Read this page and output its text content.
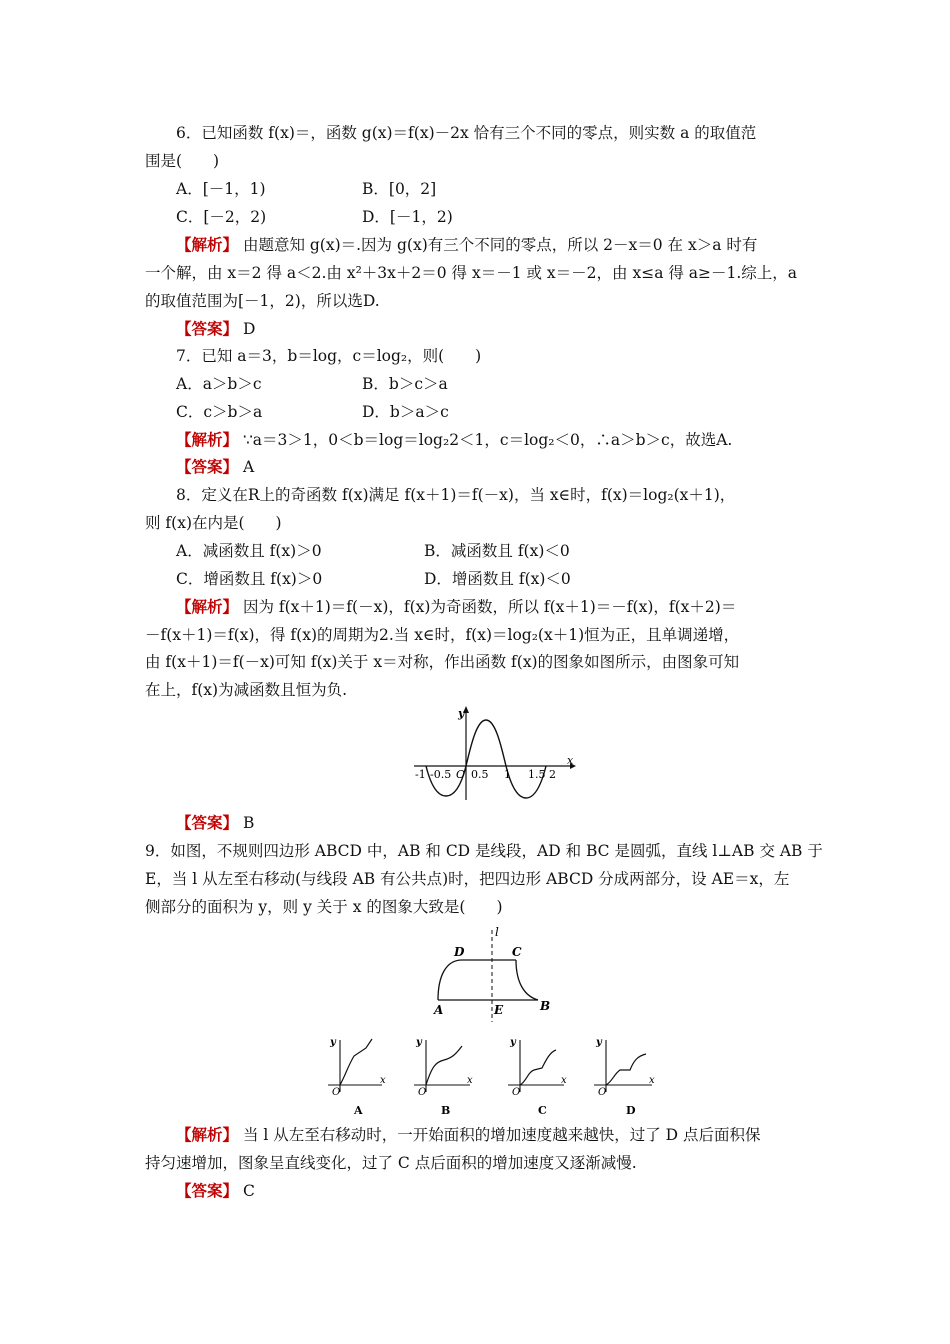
6．已知函数 f(x)＝，函数 g(x)＝f(x)－2x 恰有三个不同的零点，则实数 a 的取值范
围是(　　)
A．[－1，1)	B．[0，2]
C．[－2，2)	D．[－1，2)
【解析】 由题意知 g(x)＝.因为 g(x)有三个不同的零点，所以 2－x＝0 在 x＞a 时有
一个解，由 x＝2 得 a＜2.由 x²＋3x＋2＝0 得 x＝－1 或 x＝－2，由 x≤a 得 a≥－1.综上，a
的取值范围为[－1，2)，所以选D.
【答案】 D
7．已知 a＝3，b＝log，c＝log₂，则(　　)
A．a＞b＞c	B．b＞c＞a
C．c＞b＞a	D．b＞a＞c
【解析】 ∵a＝3＞1，0＜b＝log＝log₂2＜1，c＝log₂＜0，∴a＞b＞c，故选A.
【答案】 A
8．定义在R上的奇函数 f(x)满足 f(x＋1)＝f(－x)，当 x∈时，f(x)＝log₂(x＋1)，
则 f(x)在内是(　　)
A．减函数且 f(x)＞0	B．减函数且 f(x)＜0
C．增函数且 f(x)＞0	D．增函数且 f(x)＜0
【解析】 因为 f(x＋1)＝f(－x)，f(x)为奇函数，所以 f(x＋1)＝－f(x)，f(x＋2)＝
－f(x＋1)＝f(x)，得 f(x)的周期为2.当 x∈时，f(x)＝log₂(x＋1)恒为正，且单调递增，
由 f(x＋1)＝f(－x)可知 f(x)关于 x＝对称，作出函数 f(x)的图象如图所示，由图象可知
在上，f(x)为减函数且恒为负.
y
x
O
-1 -0.5 0.5 1 1.5 2
【答案】 B
9．如图，不规则四边形 ABCD 中，AB 和 CD 是线段，AD 和 BC 是圆弧，直线 l⊥AB 交 AB 于
E，当 l 从左至右移动(与线段 AB 有公共点)时，把四边形 ABCD 分成两部分，设 AE＝x，左
侧部分的面积为 y，则 y 关于 x 的图象大致是(　　)
l
D	C
A	B
E
y
x
O
A
y
x
O
B
y
x
O
C
y
x
O
D
【解析】 当 l 从左至右移动时，一开始面积的增加速度越来越快，过了 D 点后面积保
持匀速增加，图象呈直线变化，过了 C 点后面积的增加速度又逐渐减慢.
【答案】 C
